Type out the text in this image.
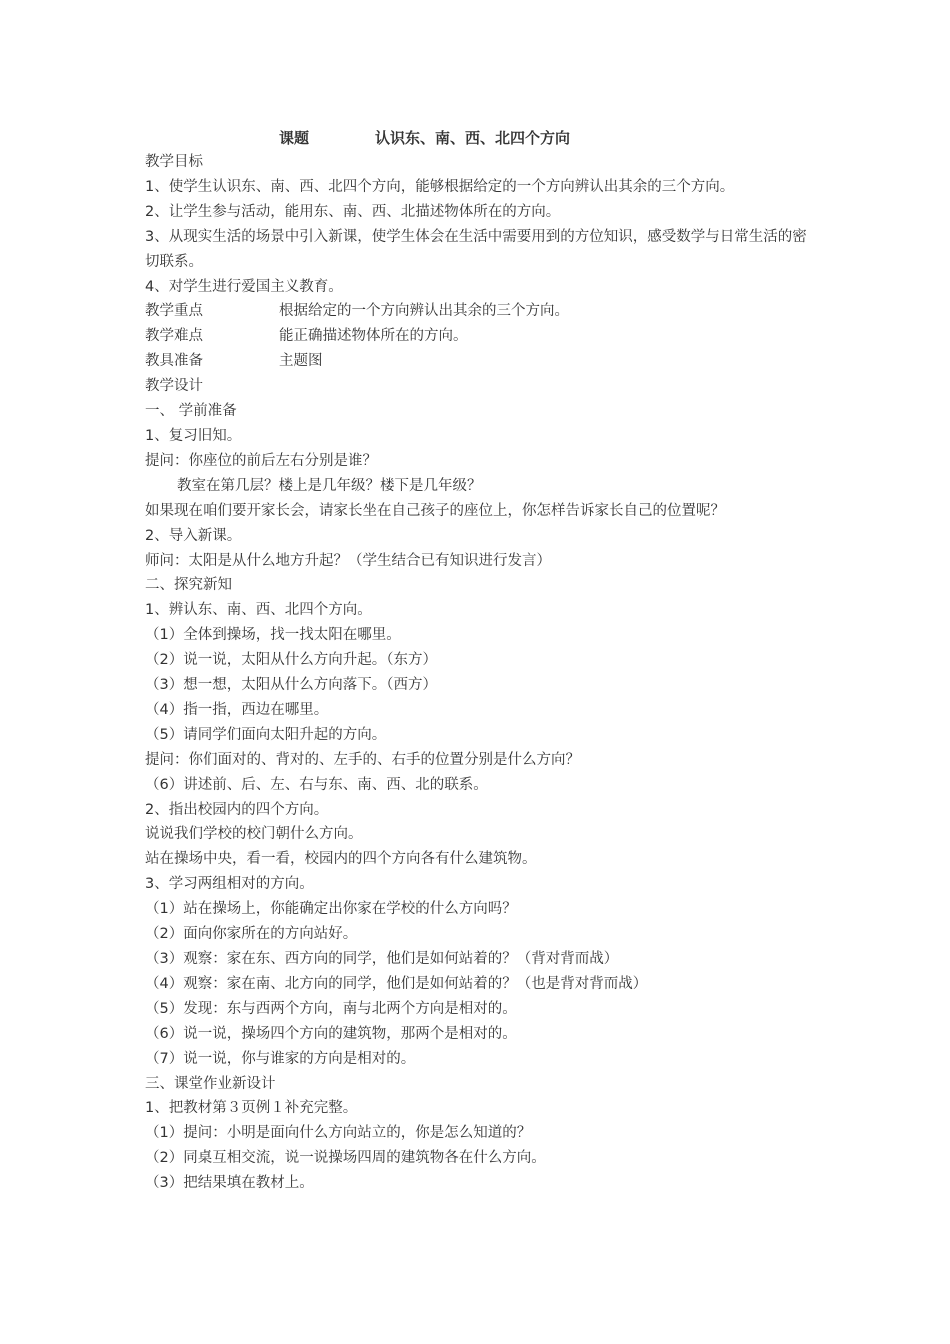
课题	认识东、南、西、北四个方向
教学目标
1、使学生认识东、南、西、北四个方向，能够根据给定的一个方向辨认出其余的三个方向。
2、让学生参与活动，能用东、南、西、北描述物体所在的方向。
3、从现实生活的场景中引入新课，使学生体会在生活中需要用到的方位知识，感受数学与日常生活的密切联系。
4、对学生进行爱国主义教育。
教学重点	根据给定的一个方向辨认出其余的三个方向。
教学难点	能正确描述物体所在的方向。
教具准备	主题图
教学设计
一、 学前准备
1、复习旧知。
提问：你座位的前后左右分别是谁？
教室在第几层？楼上是几年级？楼下是几年级？
如果现在咱们要开家长会，请家长坐在自己孩子的座位上，你怎样告诉家长自己的位置呢？
2、导入新课。
师问：太阳是从什么地方升起？（学生结合已有知识进行发言）
二、探究新知
1、辨认东、南、西、北四个方向。
（1）全体到操场，找一找太阳在哪里。
（2）说一说，太阳从什么方向升起。（东方）
（3）想一想，太阳从什么方向落下。（西方）
（4）指一指，西边在哪里。
（5）请同学们面向太阳升起的方向。
提问：你们面对的、背对的、左手的、右手的位置分别是什么方向？
（6）讲述前、后、左、右与东、南、西、北的联系。
2、指出校园内的四个方向。
说说我们学校的校门朝什么方向。
站在操场中央，看一看，校园内的四个方向各有什么建筑物。
3、学习两组相对的方向。
（1）站在操场上，你能确定出你家在学校的什么方向吗？
（2）面向你家所在的方向站好。
（3）观察：家在东、西方向的同学，他们是如何站着的？（背对背而战）
（4）观察：家在南、北方向的同学，他们是如何站着的？（也是背对背而战）
（5）发现：东与西两个方向，南与北两个方向是相对的。
（6）说一说，操场四个方向的建筑物，那两个是相对的。
（7）说一说，你与谁家的方向是相对的。
三、课堂作业新设计
1、把教材第３页例１补充完整。
（1）提问：小明是面向什么方向站立的，你是怎么知道的？
（2）同桌互相交流，说一说操场四周的建筑物各在什么方向。
（3）把结果填在教材上。
